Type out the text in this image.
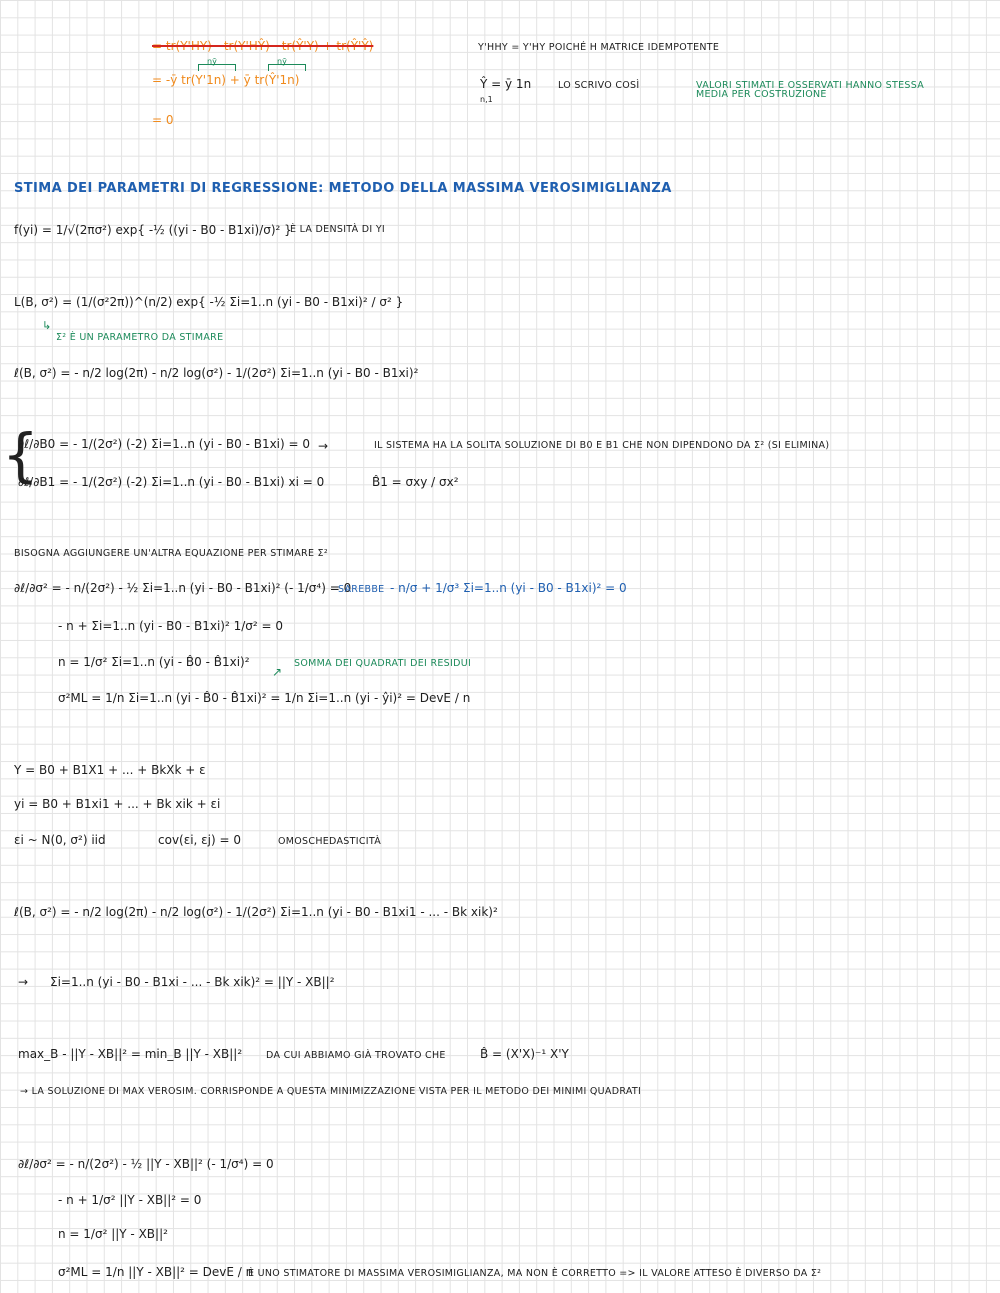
= tr(Y'HY) - tr(Y'HŶ) - tr(Ŷ'Y) + tr(Ŷ'Ŷ)	Y'HHY = Y'HY POICHÉ H MATRICE IDEMPOTENTE
nȳ	nȳ
= -ȳ tr(Y'1n) + ȳ tr(Ŷ'1n)	Ŷ = ȳ 1n
n,1
LO SCRIVO COSÌ	VALORI STIMATI E OSSERVATI HANNO STESSA
MEDIA PER COSTRUZIONE
= 0
STIMA DEI PARAMETRI DI REGRESSIONE: METODO DELLA MASSIMA VEROSIMIGLIANZA
f(yi) = 1/√(2πσ²) exp{ -½ ((yi - B0 - B1xi)/σ)² }
È LA DENSITÀ DI YI
L(B, σ²) = (1/(σ²2π))^(n/2) exp{ -½ Σi=1..n (yi - B0 - B1xi)² / σ² }
↳
Σ² È UN PARAMETRO DA STIMARE
ℓ(B, σ²) = - n/2 log(2π) - n/2 log(σ²) - 1/(2σ²) Σi=1..n (yi - B0 - B1xi)²
{
∂ℓ/∂B0 = - 1/(2σ²) (-2) Σi=1..n (yi - B0 - B1xi) = 0
∂ℓ/∂B1 = - 1/(2σ²) (-2) Σi=1..n (yi - B0 - B1xi) xi = 0
→	IL SISTEMA HA LA SOLITA SOLUZIONE DI B0 E B1 CHE NON DIPENDONO DA Σ² (SI ELIMINA)
B̂1 = σxy / σx²
BISOGNA AGGIUNGERE UN'ALTRA EQUAZIONE PER STIMARE Σ²
∂ℓ/∂σ² = - n/(2σ²) - ½ Σi=1..n (yi - B0 - B1xi)² (- 1/σ⁴) = 0
SAREBBE - n/σ + 1/σ³ Σi=1..n (yi - B0 - B1xi)² = 0
- n + Σi=1..n (yi - B0 - B1xi)² 1/σ² = 0
n = 1/σ² Σi=1..n (yi - B̂0 - B̂1xi)²
↗
SOMMA DEI QUADRATI DEI RESIDUI
σ²ML = 1/n Σi=1..n (yi - B̂0 - B̂1xi)² = 1/n Σi=1..n (yi - ŷi)² = DevE / n
Y = B0 + B1X1 + ... + BkXk + ε
yi = B0 + B1xi1 + ... + Bk xik + εi
εi ~ N(0, σ²) iid	cov(εi, εj) = 0	OMOSCHEDASTICITÀ
ℓ(B, σ²) = - n/2 log(2π) - n/2 log(σ²) - 1/(2σ²) Σi=1..n (yi - B0 - B1xi1 - ... - Bk xik)²
→ Σi=1..n (yi - B0 - B1xi - ... - Bk xik)² = ||Y - XB||²
max_B - ||Y - XB||² = min_B ||Y - XB||²	DA CUI ABBIAMO GIÀ TROVATO CHE	B̂ = (X'X)⁻¹ X'Y
→ LA SOLUZIONE DI MAX VEROSIM. CORRISPONDE A QUESTA MINIMIZZAZIONE VISTA PER IL METODO DEI MINIMI QUADRATI
∂ℓ/∂σ² = - n/(2σ²) - ½ ||Y - XB||² (- 1/σ⁴) = 0
- n + 1/σ² ||Y - XB||² = 0
n = 1/σ² ||Y - XB||²
σ²ML = 1/n ||Y - XB||² = DevE / n
È UNO STIMATORE DI MASSIMA VEROSIMIGLIANZA, MA NON È CORRETTO => IL VALORE ATTESO È DIVERSO DA Σ²
